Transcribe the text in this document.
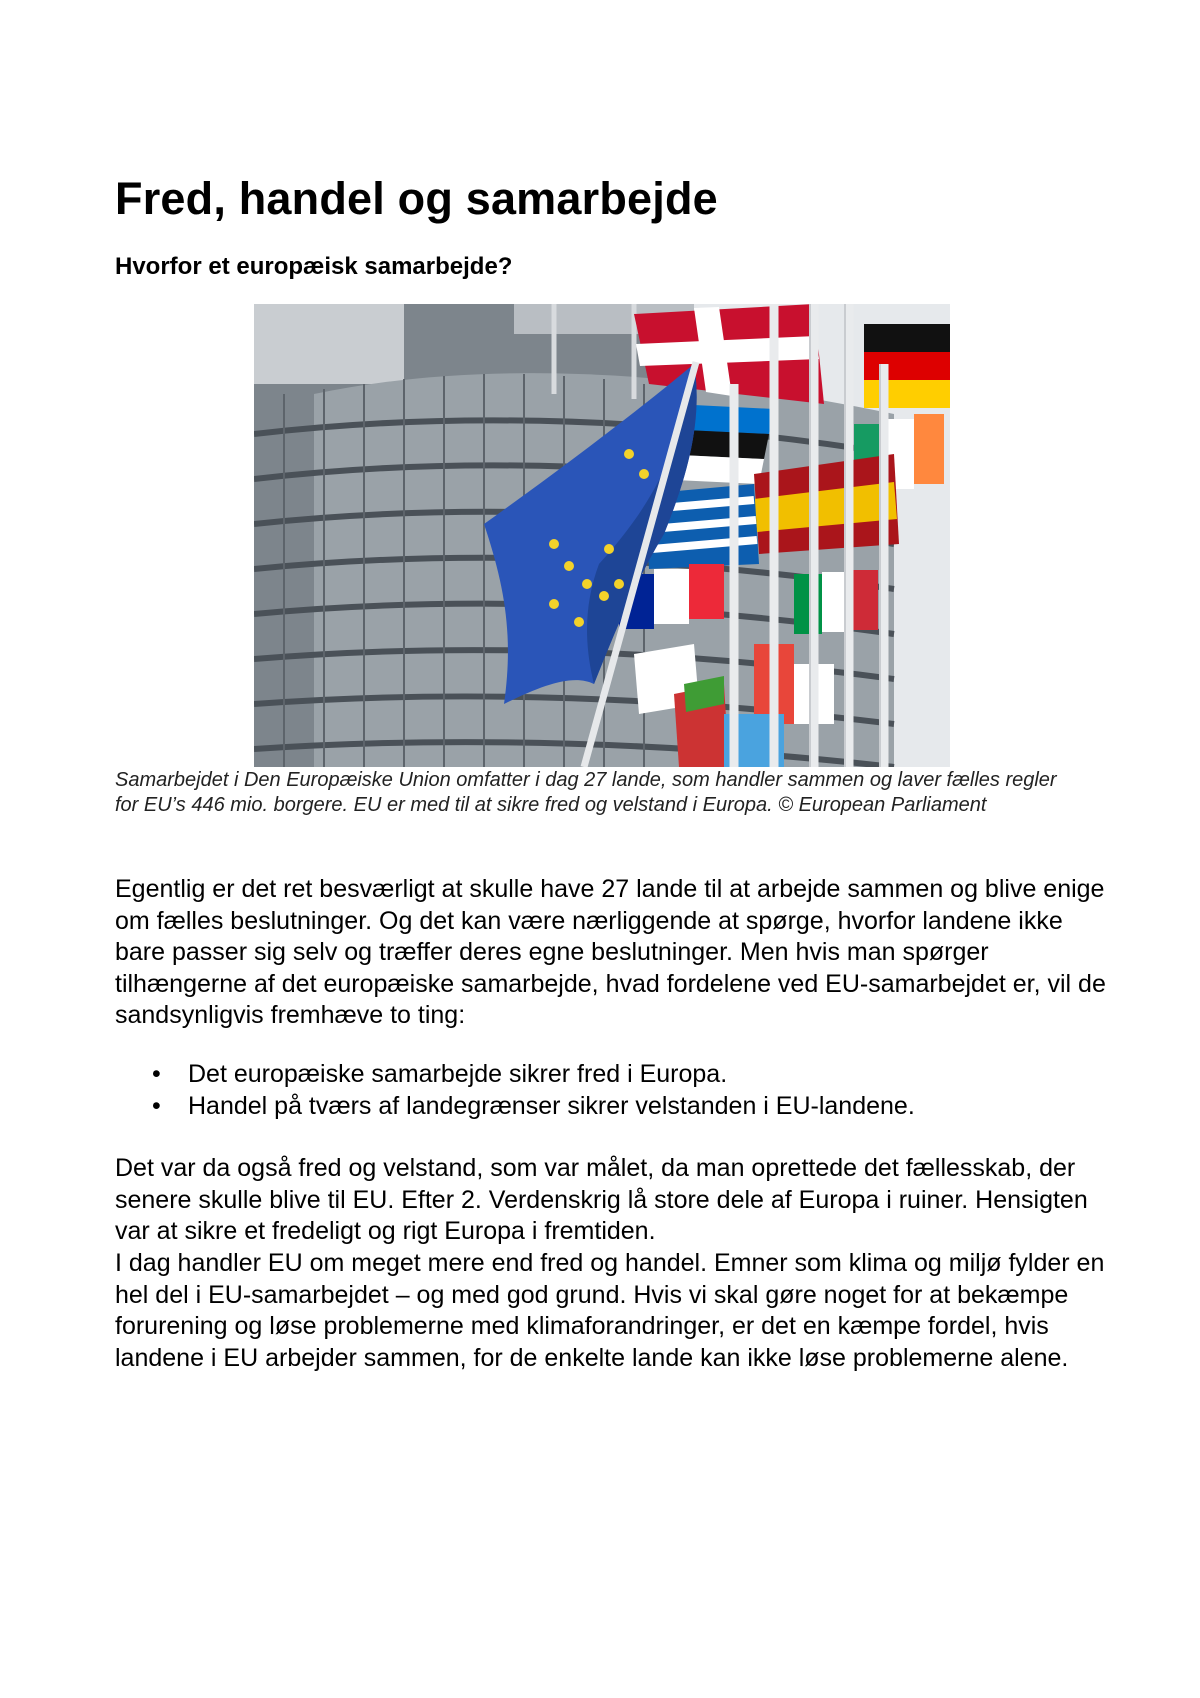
Fred, handel og samarbejde
Hvorfor et europæisk samarbejde?

Samarbejdet i Den Europæiske Union omfatter i dag 27 lande, som handler sammen og laver fælles regler for EU’s 446 mio. borgere. EU er med til at sikre fred og velstand i Europa. © European Parliament

Egentlig er det ret besværligt at skulle have 27 lande til at arbejde sammen og blive enige om fælles beslutninger. Og det kan være nærliggende at spørge, hvorfor landene ikke bare passer sig selv og træffer deres egne beslutninger. Men hvis man spørger tilhængerne af det europæiske samarbejde, hvad fordelene ved EU-samarbejdet er, vil de sandsynligvis fremhæve to ting:

• Det europæiske samarbejde sikrer fred i Europa.
• Handel på tværs af landegrænser sikrer velstanden i EU-landene.

Det var da også fred og velstand, som var målet, da man oprettede det fællesskab, der senere skulle blive til EU. Efter 2. Verdenskrig lå store dele af Europa i ruiner. Hensigten var at sikre et fredeligt og rigt Europa i fremtiden.

I dag handler EU om meget mere end fred og handel. Emner som klima og miljø fylder en hel del i EU-samarbejdet – og med god grund. Hvis vi skal gøre noget for at bekæmpe forurening og løse problemerne med klimaforandringer, er det en kæmpe fordel, hvis landene i EU arbejder sammen, for de enkelte lande kan ikke løse problemerne alene.
